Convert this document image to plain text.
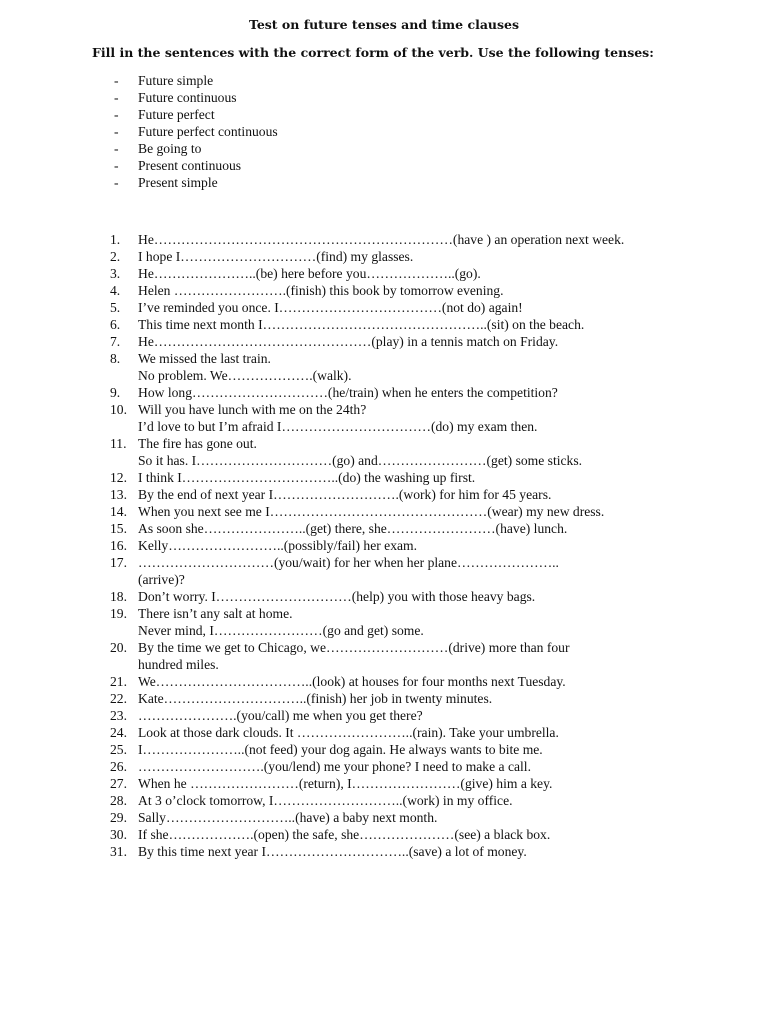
Test on future tenses and time clauses
Fill in the sentences with the correct form of the verb. Use the following tenses:
- Future simple
- Future continuous
- Future perfect
- Future perfect continuous
- Be going to
- Present continuous
- Present simple
1. He…………………………………………………………(have ) an operation next week.
2. I hope I…………………………(find) my glasses.
3. He…………………..(be) here before you………………..(go).
4. Helen …………………….(finish) this book by tomorrow evening.
5. I’ve reminded you once. I………………………………(not do) again!
6. This time next month I…………………………………………..(sit) on the beach.
7. He…………………………………………(play) in a tennis match on Friday.
8. We missed the last train.
No problem. We……………….(walk).
9. How long…………………………(he/train) when he enters the competition?
10. Will you have lunch with me on the 24th?
I’d love to but I’m afraid I……………………………(do) my exam then.
11. The fire has gone out.
So it has. I…………………………(go) and……………………(get) some sticks.
12. I think I……………………………..(do) the washing up first.
13. By the end of next year I……………………….(work) for him for 45 years.
14. When you next see me I…………………………………………(wear) my new dress.
15. As soon she…………………..(get) there, she……………………(have) lunch.
16. Kelly……………………..(possibly/fail) her exam.
17. …………………………(you/wait) for her when her plane…………………..
(arrive)?
18. Don’t worry. I…………………………(help) you with those heavy bags.
19. There isn’t any salt at home.
Never mind, I……………………(go and get) some.
20. By the time we get to Chicago, we………………………(drive) more than four
hundred miles.
21. We……………………………..(look) at houses for four months next Tuesday.
22. Kate…………………………..(finish) her job in twenty minutes.
23. ………………….(you/call) me when you get there?
24. Look at those dark clouds. It ……………………..(rain). Take your umbrella.
25. I…………………..(not feed) your dog again. He always wants to bite me.
26. ……………………….(you/lend) me your phone? I need to make a call.
27. When he ……………………(return), I……………………(give) him a key.
28. At 3 o’clock tomorrow, I………………………..(work) in my office.
29. Sally………………………..(have) a baby next month.
30. If she……………….(open) the safe, she…………………(see) a black box.
31. By this time next year I…………………………..(save) a lot of money.
